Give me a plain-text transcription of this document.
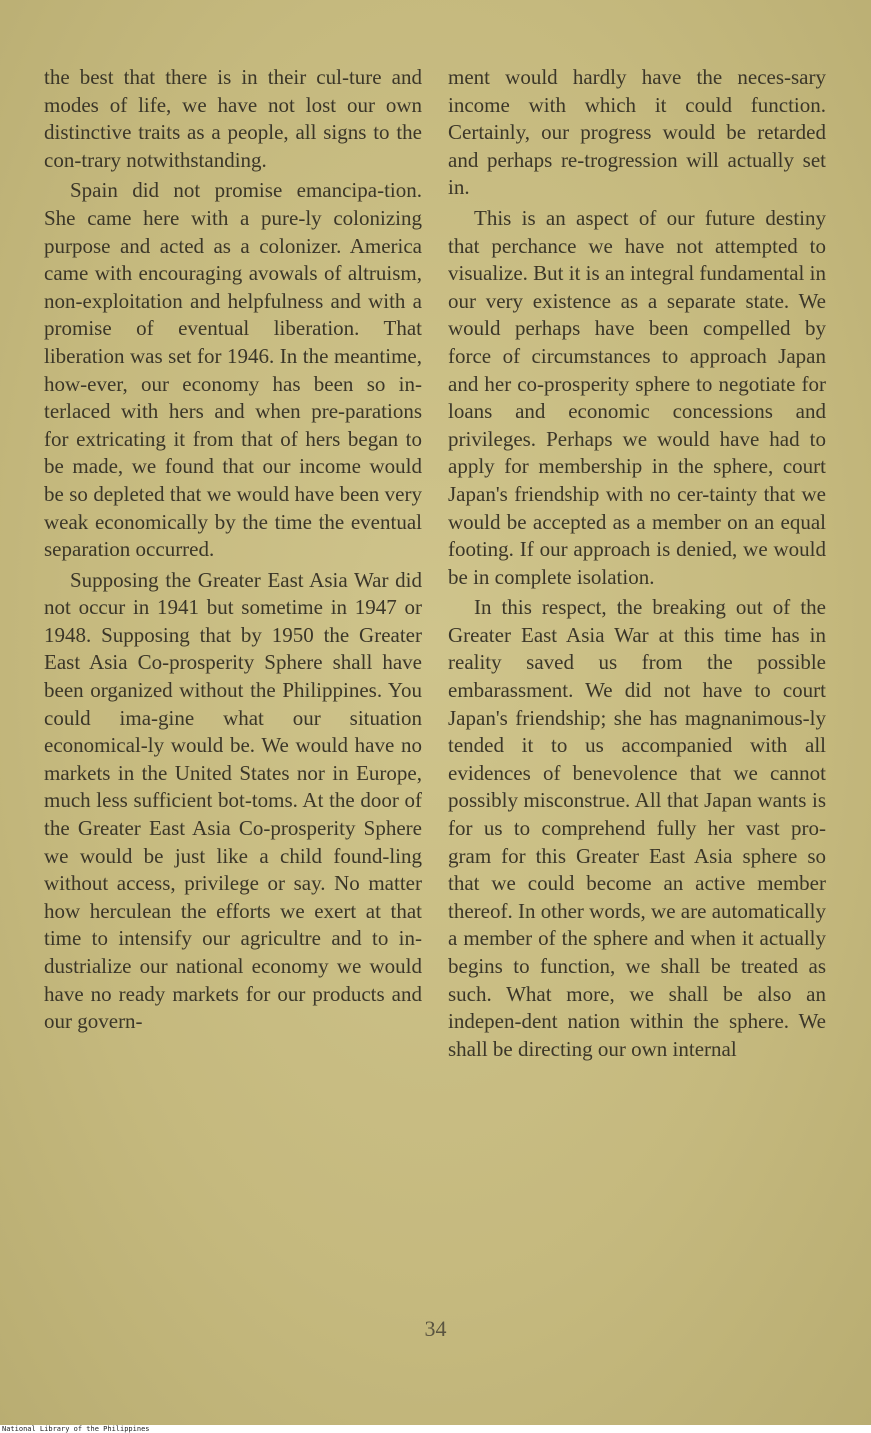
the best that there is in their cul-ture and modes of life, we have not lost our own distinctive traits as a people, all signs to the con-trary notwithstanding.

Spain did not promise emancipa-tion. She came here with a pure-ly colonizing purpose and acted as a colonizer. America came with encouraging avowals of altruism, non-exploitation and helpfulness and with a promise of eventual liberation. That liberation was set for 1946. In the meantime, how-ever, our economy has been so in-terlaced with hers and when pre-parations for extricating it from that of hers began to be made, we found that our income would be so depleted that we would have been very weak economically by the time the eventual separation occurred.

Supposing the Greater East Asia War did not occur in 1941 but sometime in 1947 or 1948. Supposing that by 1950 the Greater East Asia Co-prosperity Sphere shall have been organized without the Philippines. You could ima-gine what our situation economical-ly would be. We would have no markets in the United States nor in Europe, much less sufficient bot-toms. At the door of the Greater East Asia Co-prosperity Sphere we would be just like a child found-ling without access, privilege or say. No matter how herculean the efforts we exert at that time to intensify our agricultre and to in-dustrialize our national economy we would have no ready markets for our products and our govern-

ment would hardly have the neces-sary income with which it could function. Certainly, our progress would be retarded and perhaps re-trogression will actually set in.

This is an aspect of our future destiny that perchance we have not attempted to visualize. But it is an integral fundamental in our very existence as a separate state. We would perhaps have been compelled by force of circumstances to approach Japan and her co-prosperity sphere to negotiate for loans and economic concessions and privileges. Perhaps we would have had to apply for membership in the sphere, court Japan's friendship with no cer-tainty that we would be accepted as a member on an equal footing. If our approach is denied, we would be in complete isolation.

In this respect, the breaking out of the Greater East Asia War at this time has in reality saved us from the possible embarassment. We did not have to court Japan's friendship; she has magnanimous-ly tended it to us accompanied with all evidences of benevolence that we cannot possibly misconstrue. All that Japan wants is for us to comprehend fully her vast pro-gram for this Greater East Asia sphere so that we could become an active member thereof. In other words, we are automatically a member of the sphere and when it actually begins to function, we shall be treated as such. What more, we shall be also an indepen-dent nation within the sphere. We shall be directing our own internal

34
National Library of the Philippines
